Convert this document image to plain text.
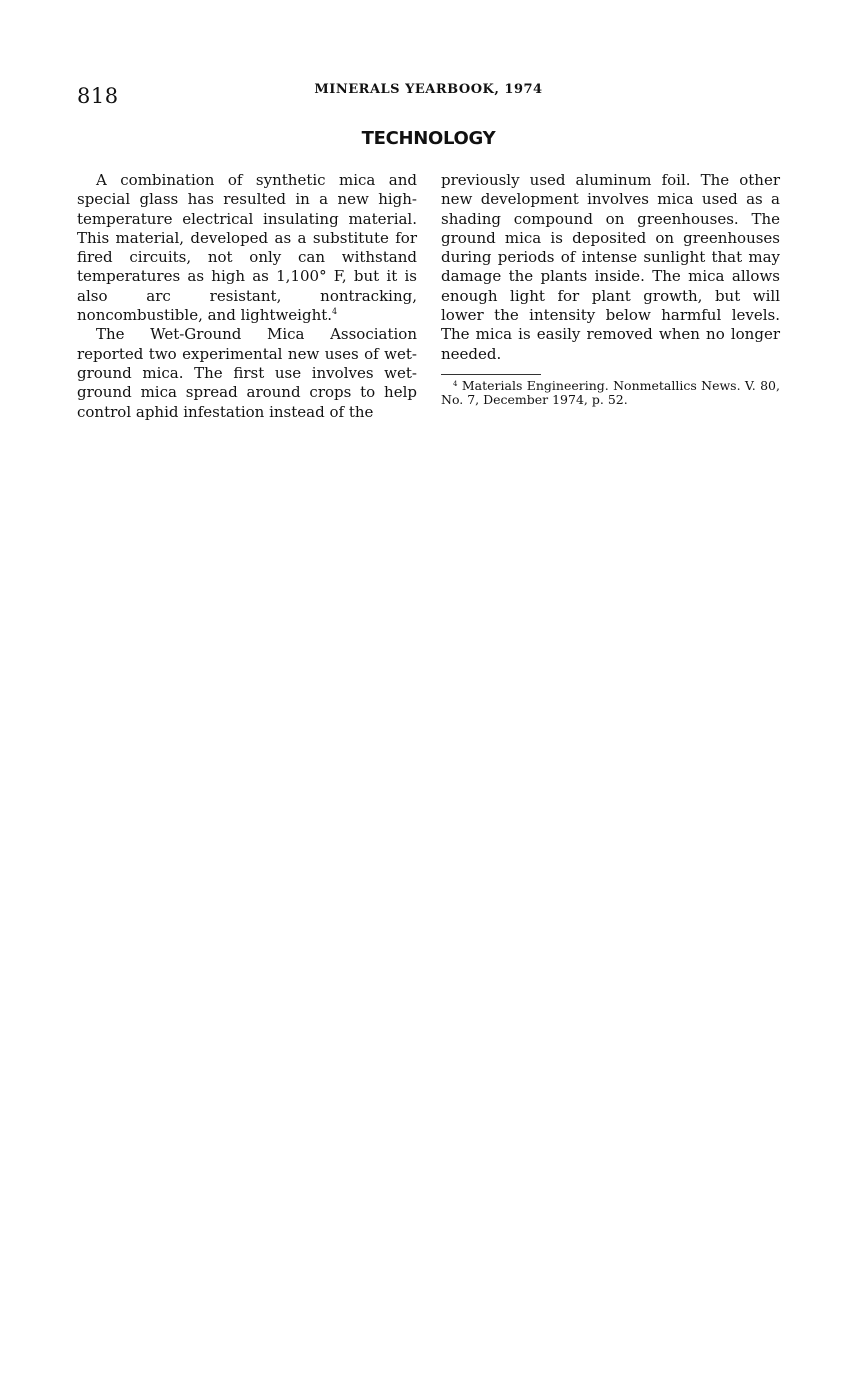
818	MINERALS YEARBOOK, 1974
TECHNOLOGY

A combination of synthetic mica and special glass has resulted in a new high-temperature electrical insulating material. This material, developed as a substitute for fired circuits, not only can withstand temperatures as high as 1,100° F, but it is also arc resistant, nontracking, noncombustible, and lightweight.$^4$

The Wet-Ground Mica Association reported two experimental new uses of wet-ground mica. The first use involves wet-ground mica spread around crops to help control aphid infestation instead of the

previously used aluminum foil. The other new development involves mica used as a shading compound on greenhouses. The ground mica is deposited on greenhouses during periods of intense sunlight that may damage the plants inside. The mica allows enough light for plant growth, but will lower the intensity below harmful levels. The mica is easily removed when no longer needed.

$^4$ Materials Engineering. Nonmetallics News. V. 80, No. 7, December 1974, p. 52.
